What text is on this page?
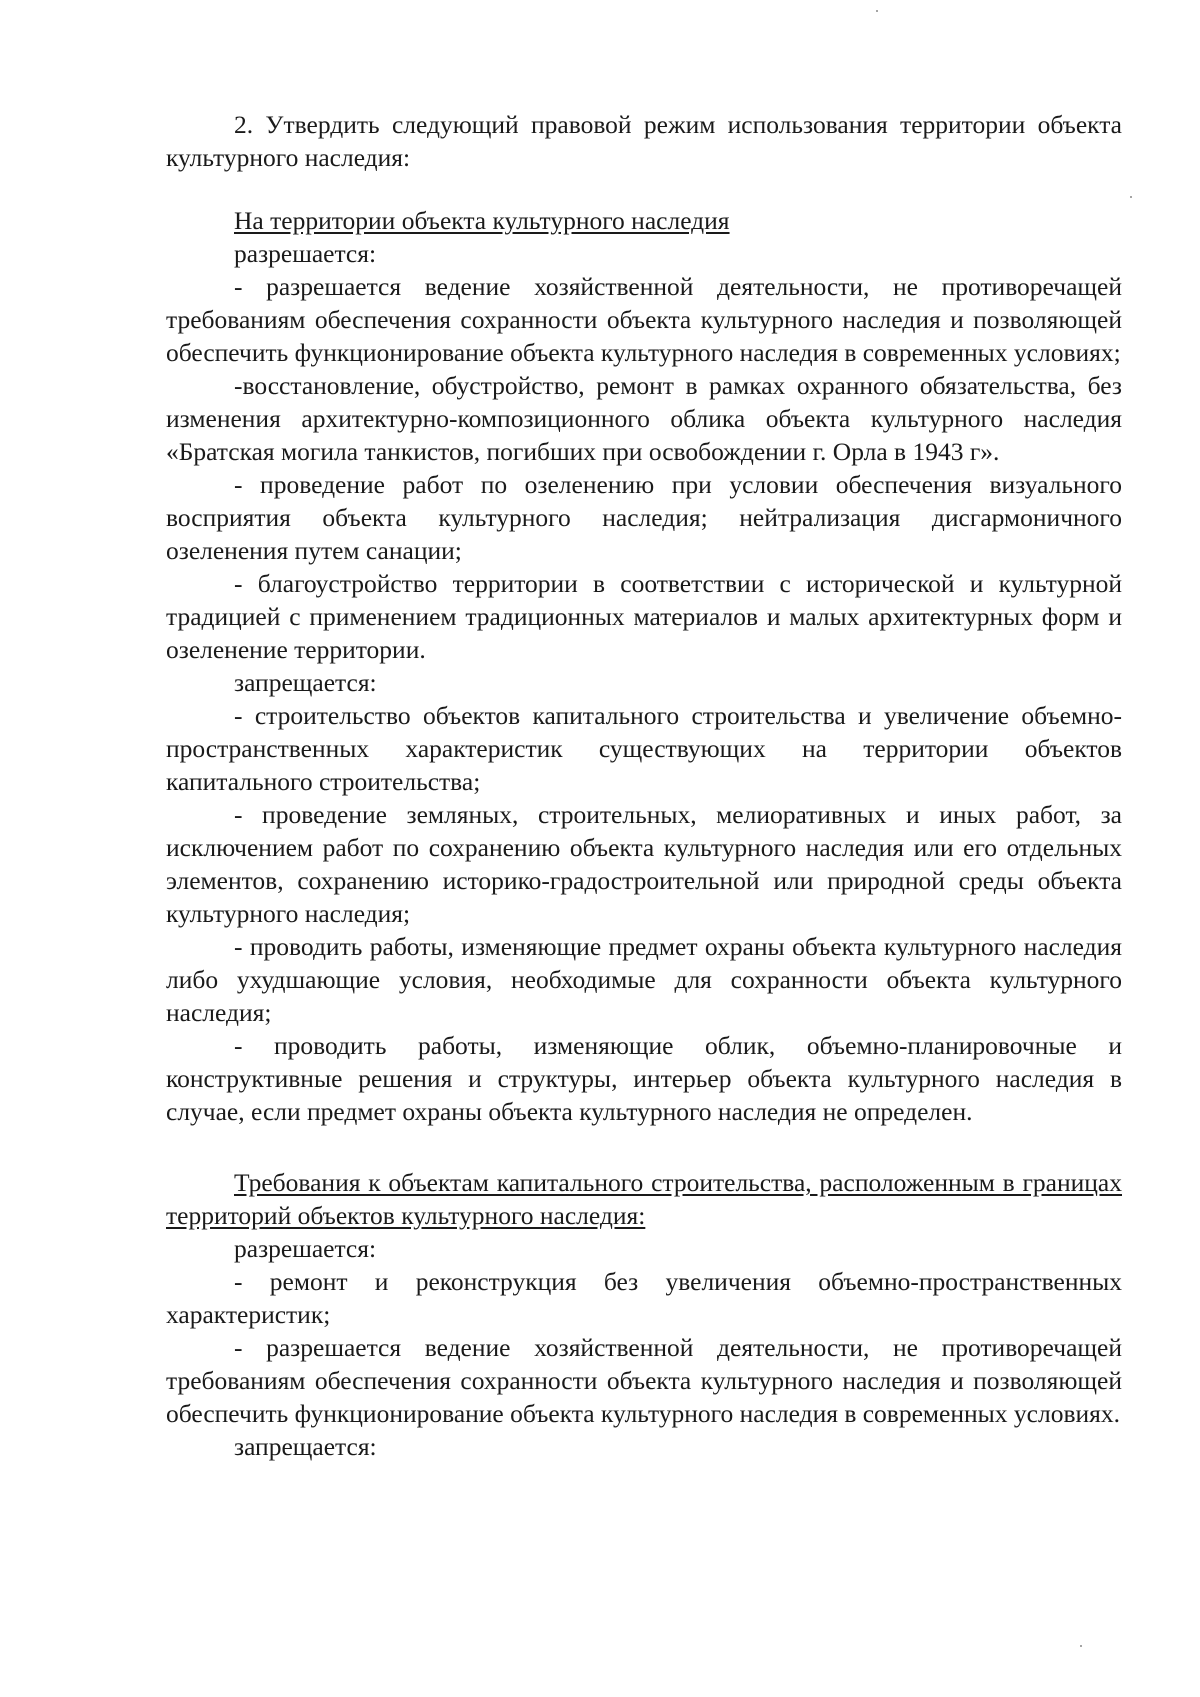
2. Утвердить следующий правовой режим использования территории объекта культурного наследия:

На территории объекта культурного наследия

разрешается:

- разрешается ведение хозяйственной деятельности, не противоречащей требованиям обеспечения сохранности объекта культурного наследия и позволяющей обеспечить функционирование объекта культурного наследия в современных условиях;

-восстановление, обустройство, ремонт в рамках охранного обязательства, без изменения архитектурно-композиционного облика объекта культурного наследия «Братская могила танкистов, погибших при освобождении г. Орла в 1943 г».

- проведение работ по озеленению при условии обеспечения визуального восприятия объекта культурного наследия; нейтрализация дисгармоничного озеленения путем санации;

- благоустройство территории в соответствии с исторической и культурной традицией с применением традиционных материалов и малых архитектурных форм и озеленение территории.

запрещается:

- строительство объектов капитального строительства и увеличение объемно-пространственных характеристик существующих на территории объектов капитального строительства;

- проведение земляных, строительных, мелиоративных и иных работ, за исключением работ по сохранению объекта культурного наследия или его отдельных элементов, сохранению историко-градостроительной или природной среды объекта культурного наследия;

- проводить работы, изменяющие предмет охраны объекта культурного наследия либо ухудшающие условия, необходимые для сохранности объекта культурного наследия;

- проводить работы, изменяющие облик, объемно-планировочные и конструктивные решения и структуры, интерьер объекта культурного наследия в случае, если предмет охраны объекта культурного наследия не определен.

Требования к объектам капитального строительства, расположенным в границах территорий объектов культурного наследия:

разрешается:

- ремонт и реконструкция без увеличения объемно-пространственных характеристик;

- разрешается ведение хозяйственной деятельности, не противоречащей требованиям обеспечения сохранности объекта культурного наследия и позволяющей обеспечить функционирование объекта культурного наследия в современных условиях.

запрещается:
